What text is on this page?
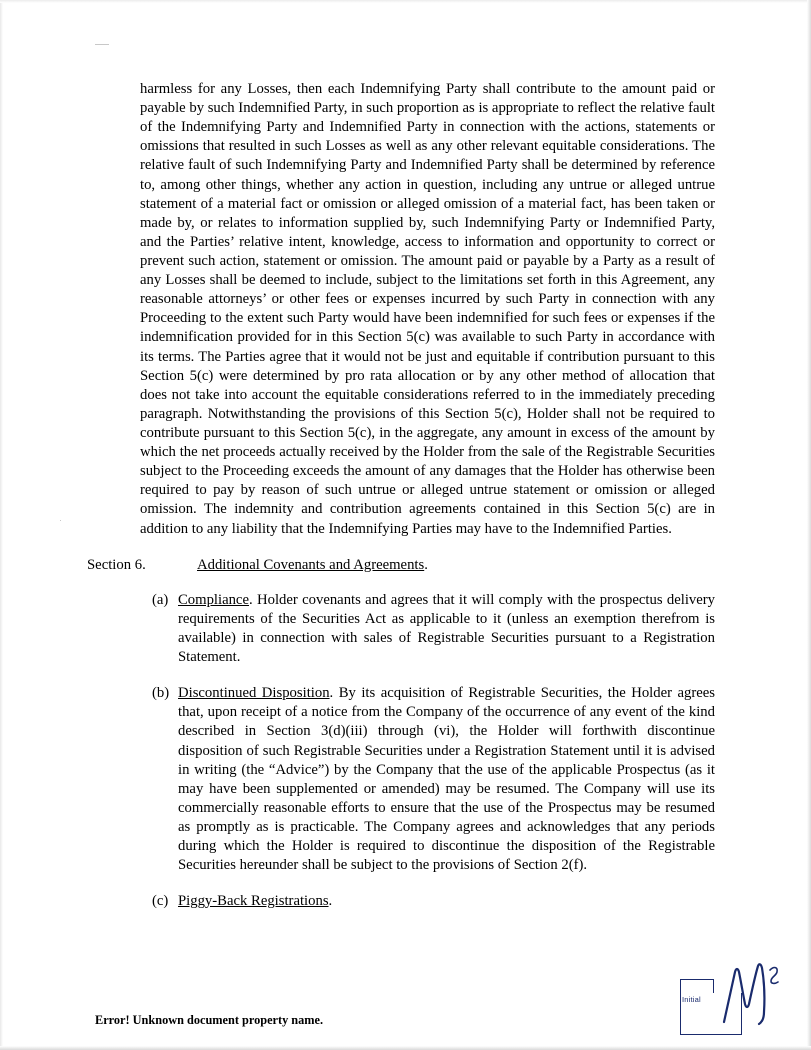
harmless for any Losses, then each Indemnifying Party shall contribute to the amount paid or payable by such Indemnified Party, in such proportion as is appropriate to reflect the relative fault of the Indemnifying Party and Indemnified Party in connection with the actions, statements or omissions that resulted in such Losses as well as any other relevant equitable considerations. The relative fault of such Indemnifying Party and Indemnified Party shall be determined by reference to, among other things, whether any action in question, including any untrue or alleged untrue statement of a material fact or omission or alleged omission of a material fact, has been taken or made by, or relates to information supplied by, such Indemnifying Party or Indemnified Party, and the Parties’ relative intent, knowledge, access to information and opportunity to correct or prevent such action, statement or omission. The amount paid or payable by a Party as a result of any Losses shall be deemed to include, subject to the limitations set forth in this Agreement, any reasonable attorneys’ or other fees or expenses incurred by such Party in connection with any Proceeding to the extent such Party would have been indemnified for such fees or expenses if the indemnification provided for in this Section 5(c) was available to such Party in accordance with its terms. The Parties agree that it would not be just and equitable if contribution pursuant to this Section 5(c) were determined by pro rata allocation or by any other method of allocation that does not take into account the equitable considerations referred to in the immediately preceding paragraph. Notwithstanding the provisions of this Section 5(c), Holder shall not be required to contribute pursuant to this Section 5(c), in the aggregate, any amount in excess of the amount by which the net proceeds actually received by the Holder from the sale of the Registrable Securities subject to the Proceeding exceeds the amount of any damages that the Holder has otherwise been required to pay by reason of such untrue or alleged untrue statement or omission or alleged omission. The indemnity and contribution agreements contained in this Section 5(c) are in addition to any liability that the Indemnifying Parties may have to the Indemnified Parties.

Section 6.	Additional Covenants and Agreements.
(a) Compliance. Holder covenants and agrees that it will comply with the prospectus delivery requirements of the Securities Act as applicable to it (unless an exemption therefrom is available) in connection with sales of Registrable Securities pursuant to a Registration Statement.

(b) Discontinued Disposition. By its acquisition of Registrable Securities, the Holder agrees that, upon receipt of a notice from the Company of the occurrence of any event of the kind described in Section 3(d)(iii) through (vi), the Holder will forthwith discontinue disposition of such Registrable Securities under a Registration Statement until it is advised in writing (the “Advice”) by the Company that the use of the applicable Prospectus (as it may have been supplemented or amended) may be resumed. The Company will use its commercially reasonable efforts to ensure that the use of the Prospectus may be resumed as promptly as is practicable. The Company agrees and acknowledges that any periods during which the Holder is required to discontinue the disposition of the Registrable Securities hereunder shall be subject to the provisions of Section 2(f).

(c) Piggy-Back Registrations.

Error! Unknown document property name.
Initial
